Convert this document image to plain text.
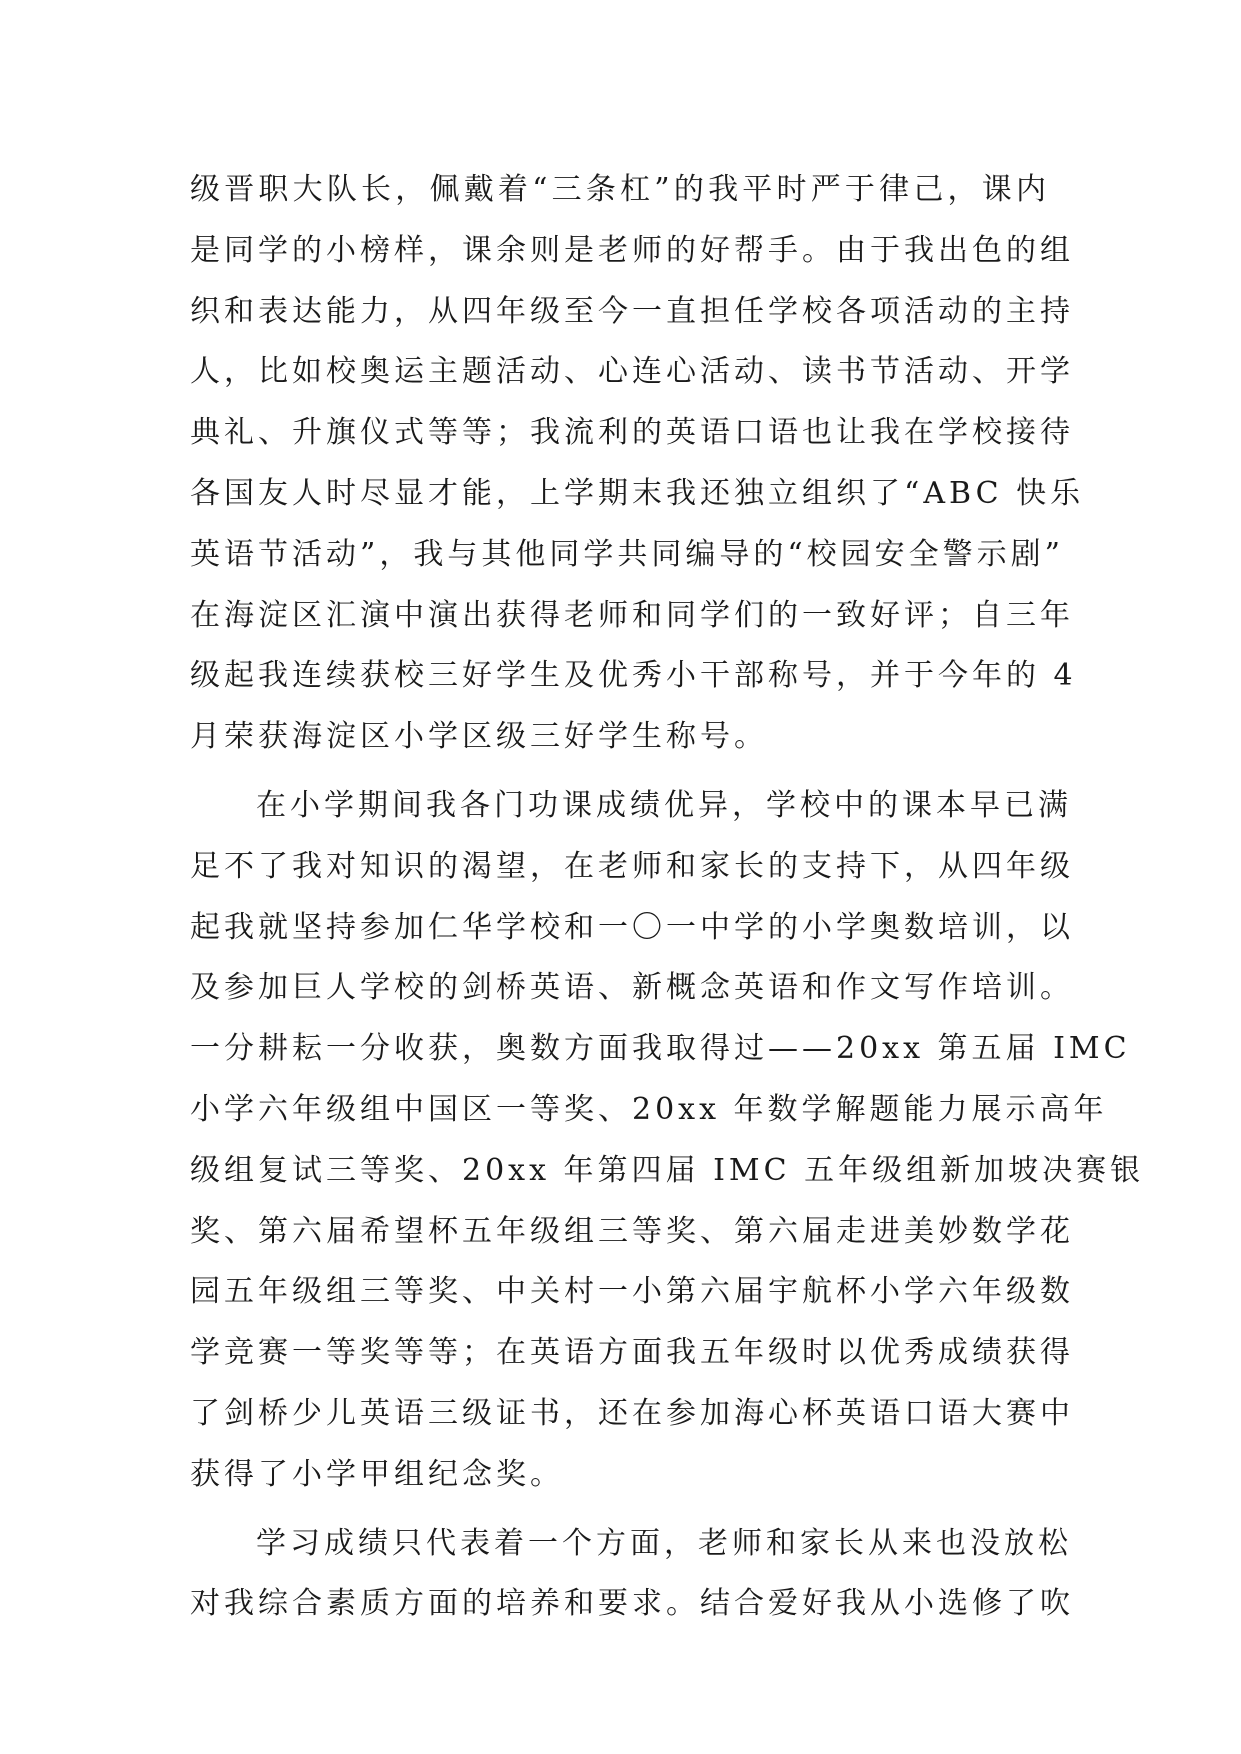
级晋职大队长，佩戴着“三条杠”的我平时严于律己，课内
是同学的小榜样，课余则是老师的好帮手。由于我出色的组
织和表达能力，从四年级至今一直担任学校各项活动的主持
人，比如校奥运主题活动、心连心活动、读书节活动、开学
典礼、升旗仪式等等；我流利的英语口语也让我在学校接待
各国友人时尽显才能，上学期末我还独立组织了“ABC 快乐
英语节活动”，我与其他同学共同编导的“校园安全警示剧”
在海淀区汇演中演出获得老师和同学们的一致好评；自三年
级起我连续获校三好学生及优秀小干部称号，并于今年的 4
月荣获海淀区小学区级三好学生称号。
在小学期间我各门功课成绩优异，学校中的课本早已满
足不了我对知识的渴望，在老师和家长的支持下，从四年级
起我就坚持参加仁华学校和一〇一中学的小学奥数培训，以
及参加巨人学校的剑桥英语、新概念英语和作文写作培训。
一分耕耘一分收获，奥数方面我取得过——20xx 第五届 IMC
小学六年级组中国区一等奖、20xx 年数学解题能力展示高年
级组复试三等奖、20xx 年第四届 IMC 五年级组新加坡决赛银
奖、第六届希望杯五年级组三等奖、第六届走进美妙数学花
园五年级组三等奖、中关村一小第六届宇航杯小学六年级数
学竞赛一等奖等等；在英语方面我五年级时以优秀成绩获得
了剑桥少儿英语三级证书，还在参加海心杯英语口语大赛中
获得了小学甲组纪念奖。
学习成绩只代表着一个方面，老师和家长从来也没放松
对我综合素质方面的培养和要求。结合爱好我从小选修了吹
